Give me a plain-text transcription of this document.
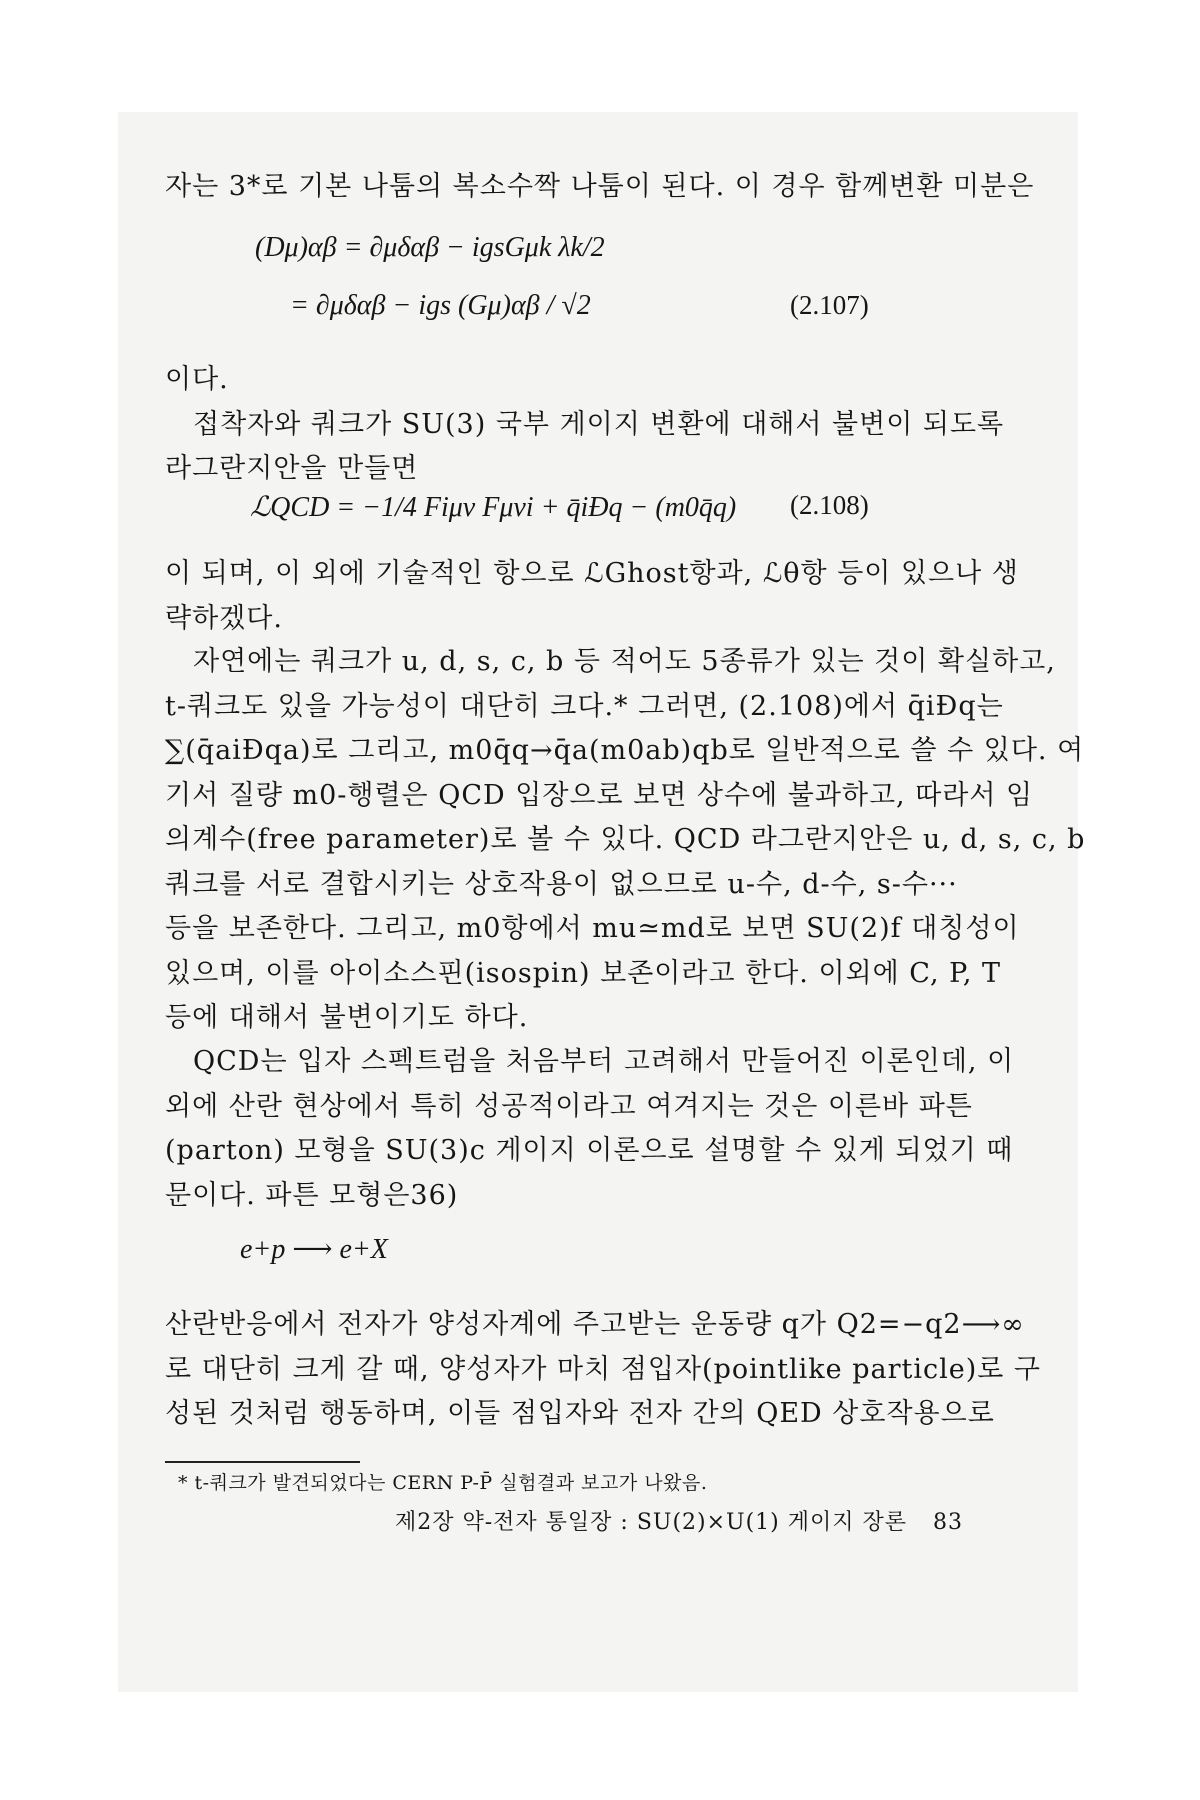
자는 3*로 기본 나툼의 복소수짝 나툼이 된다. 이 경우 함께변환 미분은
(Dμ)αβ = ∂μδαβ − igsGμk λk/2
= ∂μδαβ − igs (Gμ)αβ / √2	(2.107)
이다.
접착자와 쿼크가 SU(3) 국부 게이지 변환에 대해서 불변이 되도록
라그란지안을 만들면
ℒQCD = −1/4 Fiμν Fμνi + q̄iÐq − (m0q̄q) (2.108)
이 되며, 이 외에 기술적인 항으로 ℒGhost항과, ℒθ항 등이 있으나 생
략하겠다.
자연에는 쿼크가 u, d, s, c, b 등 적어도 5종류가 있는 것이 확실하고,
t-쿼크도 있을 가능성이 대단히 크다.* 그러면, (2.108)에서 q̄iÐq는
∑(q̄aiÐqa)로 그리고, m0q̄q→q̄a(m0ab)qb로 일반적으로 쓸 수 있다. 여
기서 질량 m0-행렬은 QCD 입장으로 보면 상수에 불과하고, 따라서 임
의계수(free parameter)로 볼 수 있다. QCD 라그란지안은 u, d, s, c, b
쿼크를 서로 결합시키는 상호작용이 없으므로 u-수, d-수, s-수···
등을 보존한다. 그리고, m0항에서 mu≃md로 보면 SU(2)f 대칭성이
있으며, 이를 아이소스핀(isospin) 보존이라고 한다. 이외에 C, P, T
등에 대해서 불변이기도 하다.
QCD는 입자 스펙트럼을 처음부터 고려해서 만들어진 이론인데, 이
외에 산란 현상에서 특히 성공적이라고 여겨지는 것은 이른바 파튼
(parton) 모형을 SU(3)c 게이지 이론으로 설명할 수 있게 되었기 때
문이다. 파튼 모형은36)
e+p ⟶ e+X
산란반응에서 전자가 양성자계에 주고받는 운동량 q가 Q2=−q2⟶∞
로 대단히 크게 갈 때, 양성자가 마치 점입자(pointlike particle)로 구
성된 것처럼 행동하며, 이들 점입자와 전자 간의 QED 상호작용으로
* t-쿼크가 발견되었다는 CERN P-P̄ 실험결과 보고가 나왔음.
제2장 약-전자 통일장 : SU(2)×U(1) 게이지 장론 83
